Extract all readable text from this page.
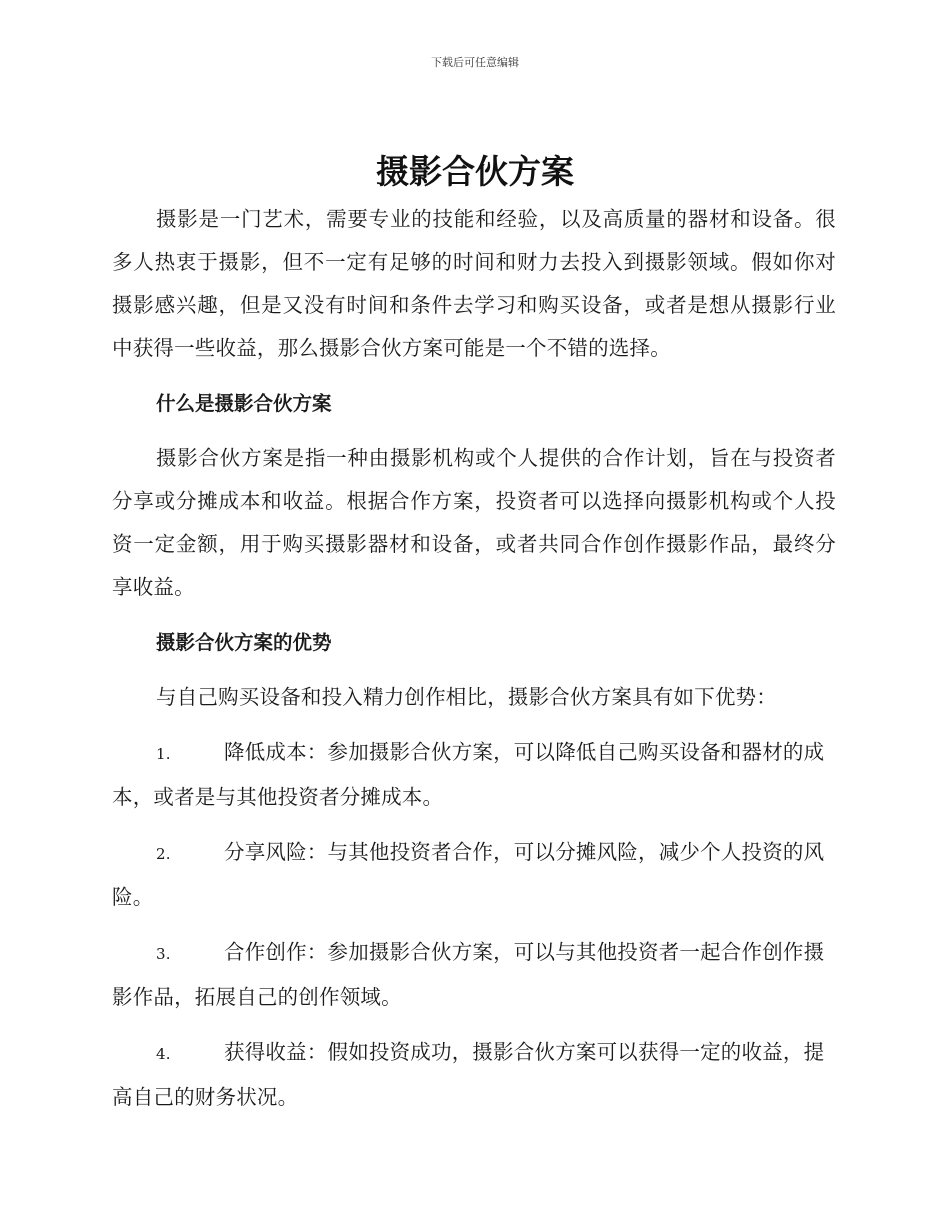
下载后可任意编辑
摄影合伙方案

摄影是一门艺术，需要专业的技能和经验，以及高质量的器材和设备。很多人热衷于摄影，但不一定有足够的时间和财力去投入到摄影领域。假如你对摄影感兴趣，但是又没有时间和条件去学习和购买设备，或者是想从摄影行业中获得一些收益，那么摄影合伙方案可能是一个不错的选择。

什么是摄影合伙方案

摄影合伙方案是指一种由摄影机构或个人提供的合作计划，旨在与投资者分享或分摊成本和收益。根据合作方案，投资者可以选择向摄影机构或个人投资一定金额，用于购买摄影器材和设备，或者共同合作创作摄影作品，最终分享收益。

摄影合伙方案的优势

与自己购买设备和投入精力创作相比，摄影合伙方案具有如下优势：

1.	降低成本：参加摄影合伙方案，可以降低自己购买设备和器材的成本，或者是与其他投资者分摊成本。

2.	分享风险：与其他投资者合作，可以分摊风险，减少个人投资的风险。

3.	合作创作：参加摄影合伙方案，可以与其他投资者一起合作创作摄影作品，拓展自己的创作领域。

4.	获得收益：假如投资成功，摄影合伙方案可以获得一定的收益，提高自己的财务状况。
